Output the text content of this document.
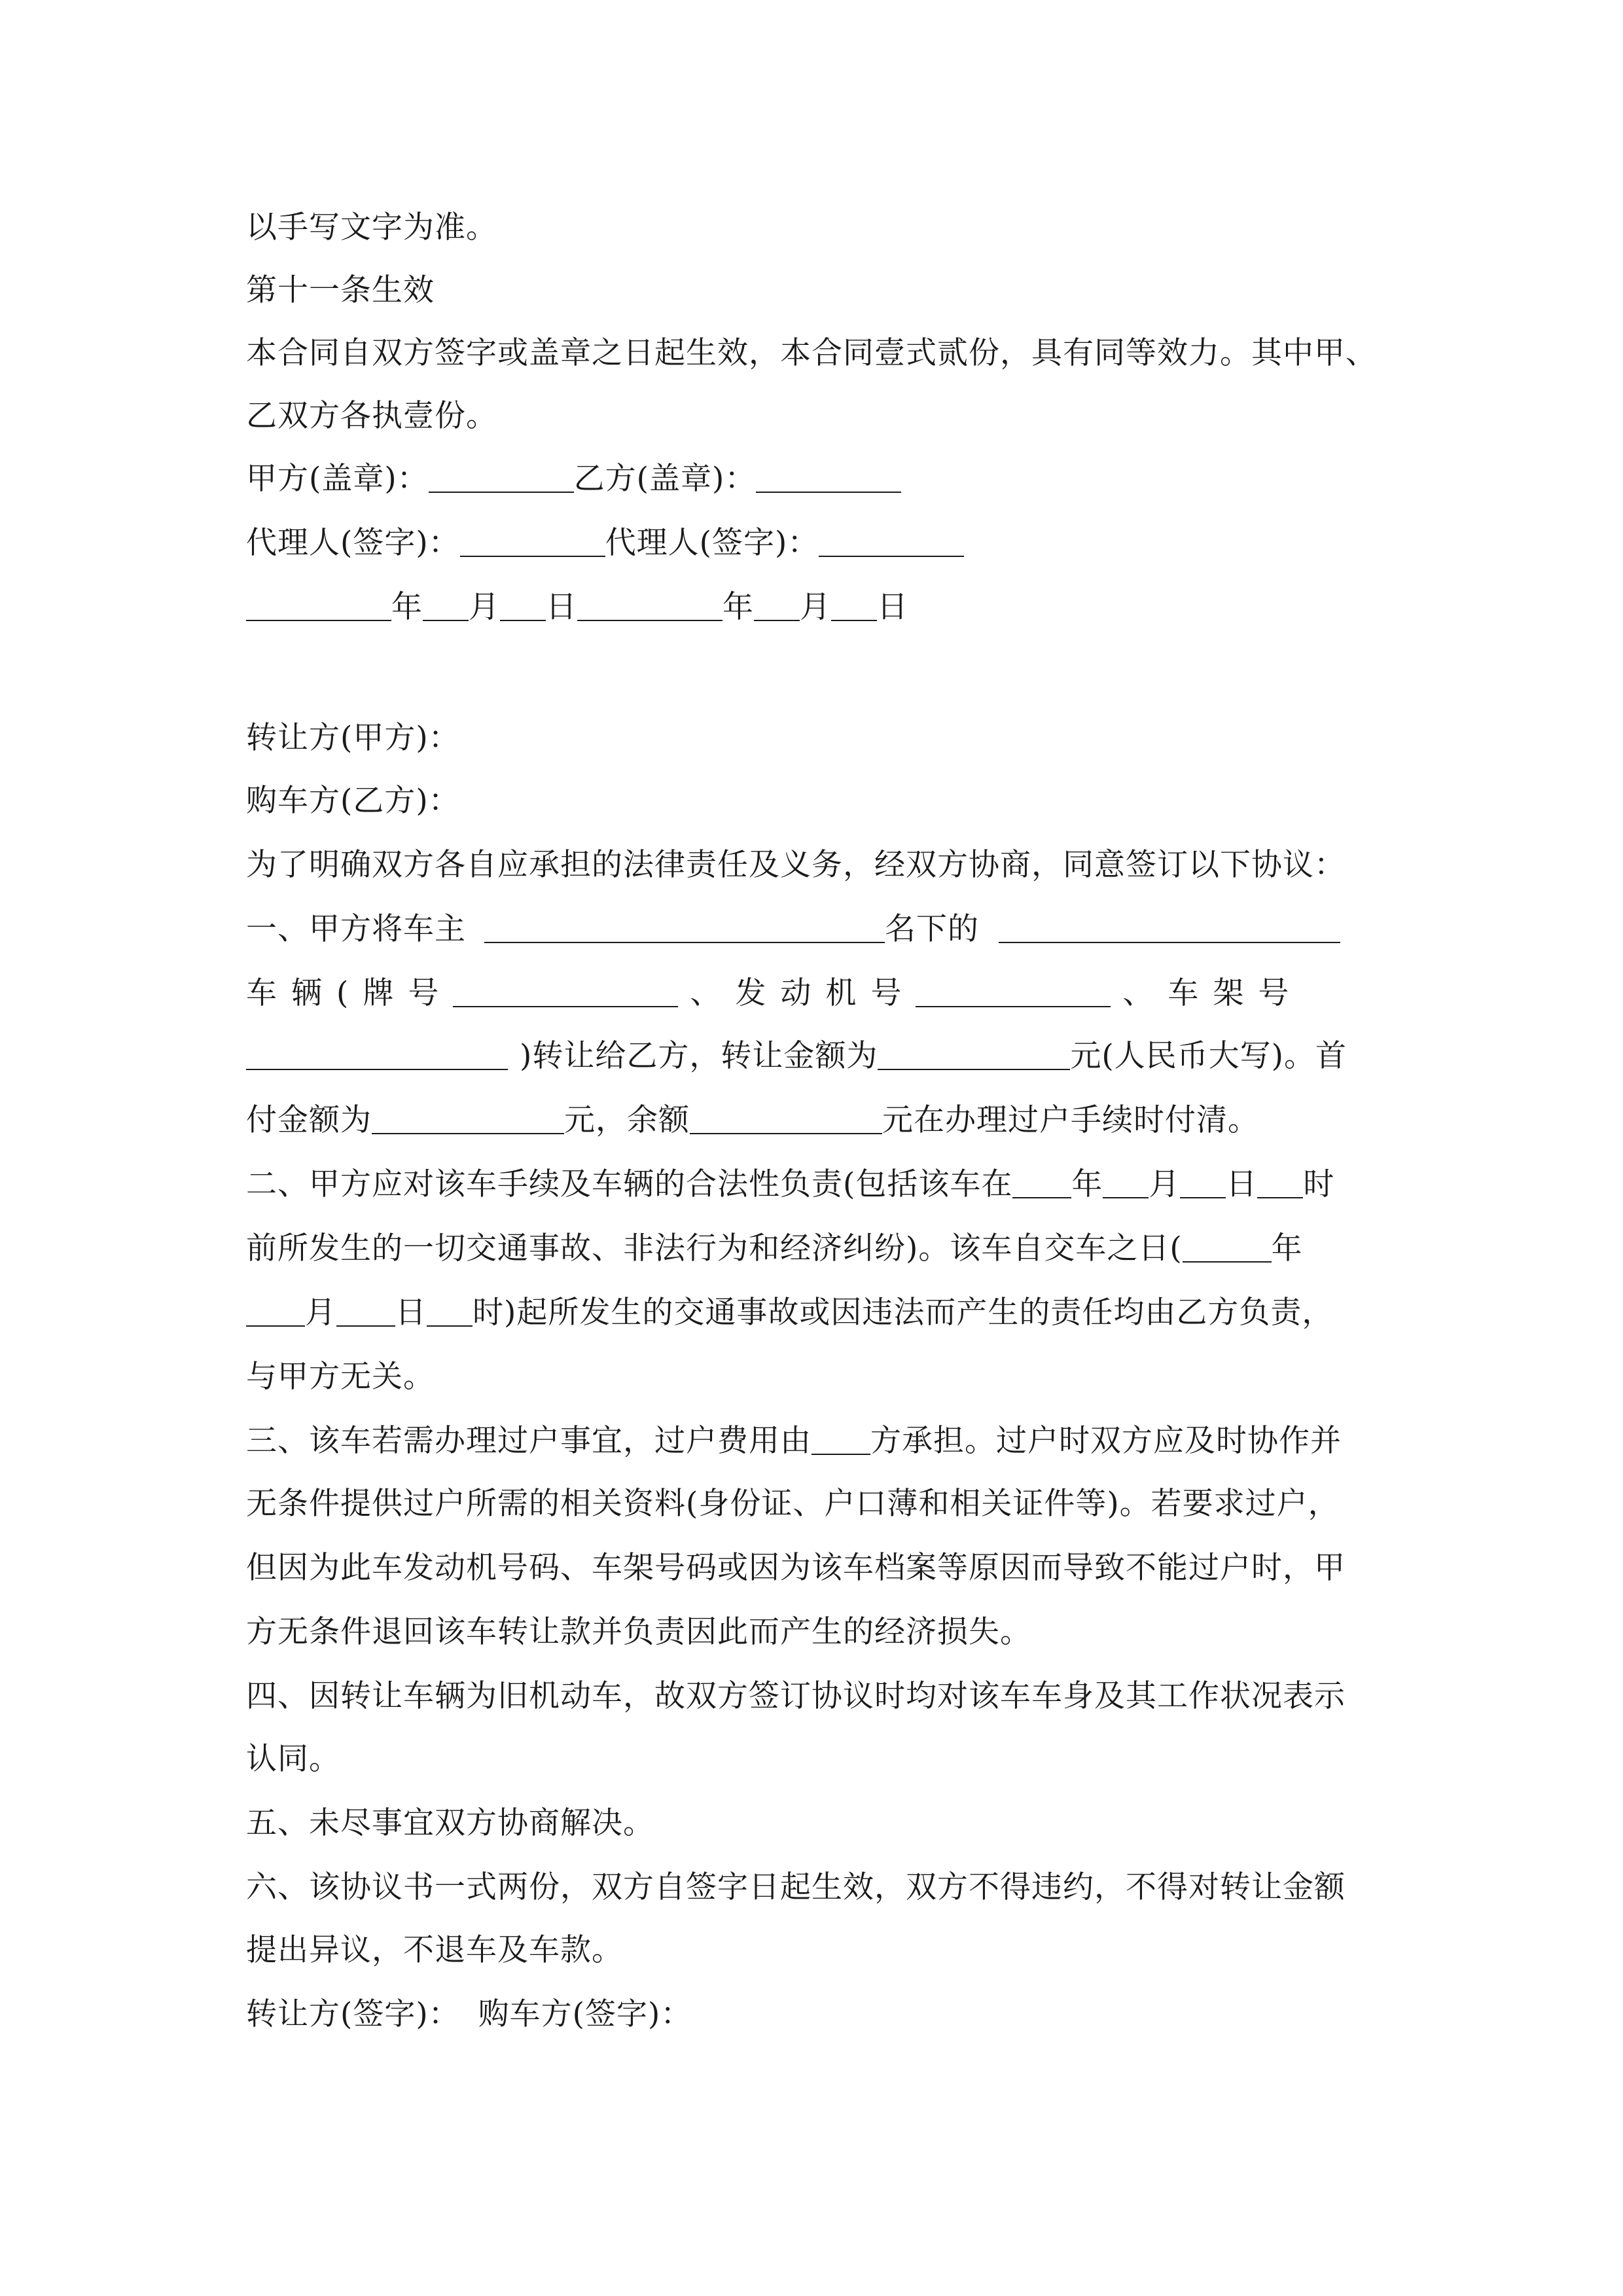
以手写文字为准。
第十一条生效
本合同自双方签字或盖章之日起生效，本合同壹式贰份，具有同等效力。其中甲、
乙双方各执壹份。
甲方(盖章)：	乙方(盖章)：
代理人(签字)：	代理人(签字)：
年 月 日	年 月 日
转让方(甲方)：
购车方(乙方)：
为了明确双方各自应承担的法律责任及义务，经双方协商，同意签订以下协议：
一、甲方将车主	名下的
车辆(牌号	、发动机号	、车架号
)转让给乙方，转让金额为	元(人民币大写)。首
付金额为	元，余额	元在办理过户手续时付清。
二、甲方应对该车手续及车辆的合法性负责(包括该车在 年 月 日 时
前所发生的一切交通事故、非法行为和经济纠纷)。该车自交车之日(	年
月 日 时)起所发生的交通事故或因违法而产生的责任均由乙方负责，
与甲方无关。
三、该车若需办理过户事宜，过户费用由 方承担。过户时双方应及时协作并
无条件提供过户所需的相关资料(身份证、户口薄和相关证件等)。若要求过户，
但因为此车发动机号码、车架号码或因为该车档案等原因而导致不能过户时，甲
方无条件退回该车转让款并负责因此而产生的经济损失。
四、因转让车辆为旧机动车，故双方签订协议时均对该车车身及其工作状况表示
认同。
五、未尽事宜双方协商解决。
六、该协议书一式两份，双方自签字日起生效，双方不得违约，不得对转让金额
提出异议，不退车及车款。
转让方(签字)： 购车方(签字)：
